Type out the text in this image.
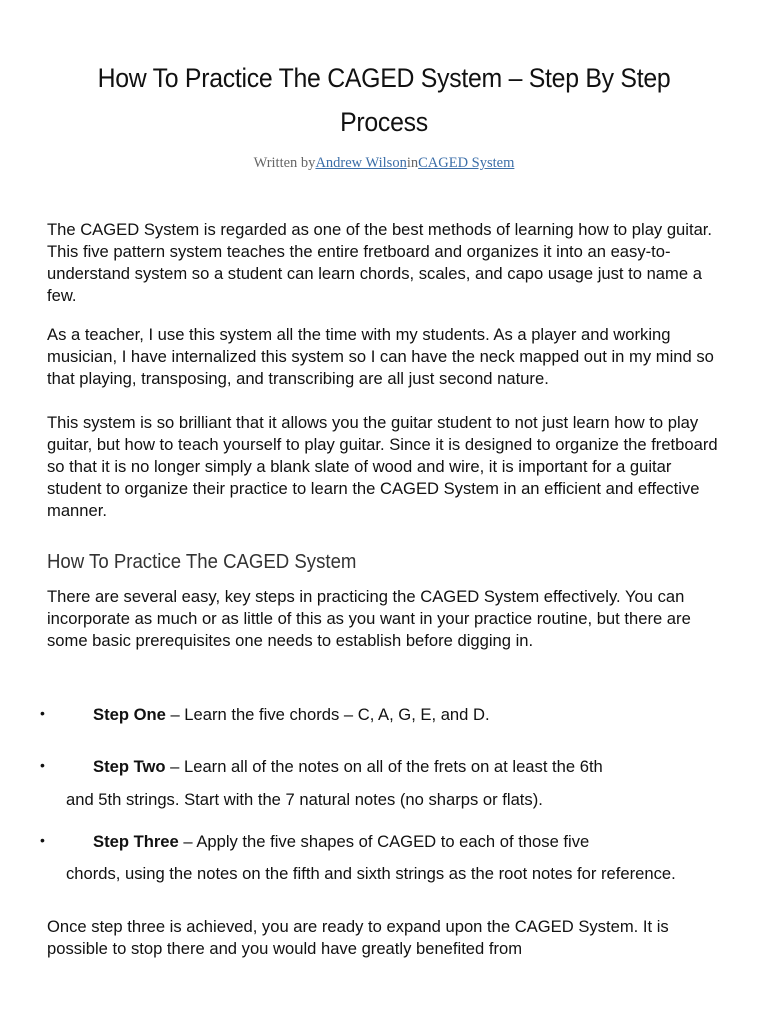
How To Practice The CAGED System – Step By Step Process
Written byAndrew WilsoninCAGED System

The CAGED System is regarded as one of the best methods of learning how to play guitar. This five pattern system teaches the entire fretboard and organizes it into an easy-to-understand system so a student can learn chords, scales, and capo usage just to name a few.

As a teacher, I use this system all the time with my students. As a player and working musician, I have internalized this system so I can have the neck mapped out in my mind so that playing, transposing, and transcribing are all just second nature.

This system is so brilliant that it allows you the guitar student to not just learn how to play guitar, but how to teach yourself to play guitar. Since it is designed to organize the fretboard so that it is no longer simply a blank slate of wood and wire, it is important for a guitar student to organize their practice to learn the CAGED System in an efficient and effective manner.

How To Practice The CAGED System

There are several easy, key steps in practicing the CAGED System effectively. You can incorporate as much or as little of this as you want in your practice routine, but there are some basic prerequisites one needs to establish before digging in.

•	Step One – Learn the five chords – C, A, G, E, and D.
•	Step Two – Learn all of the notes on all of the frets on at least the 6th
and 5th strings. Start with the 7 natural notes (no sharps or flats).
•	Step Three – Apply the five shapes of CAGED to each of those five
chords, using the notes on the fifth and sixth strings as the root notes for reference.

Once step three is achieved, you are ready to expand upon the CAGED System. It is possible to stop there and you would have greatly benefited from
